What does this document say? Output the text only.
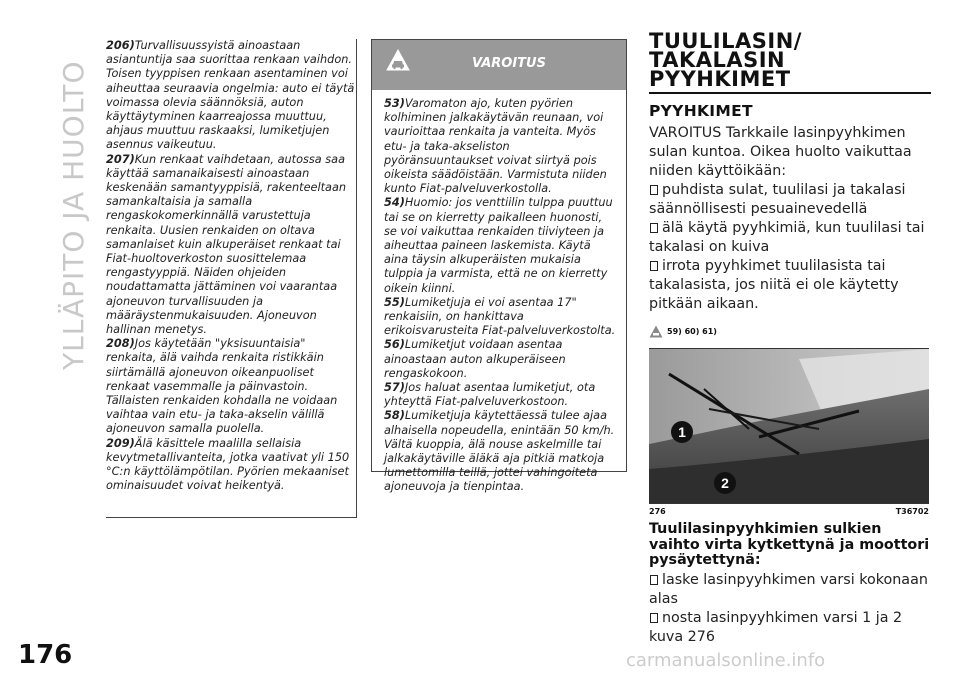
YLLÄPITO JA HUOLTO
176

206)Turvallisuussyistä ainoastaan asiantuntija saa suorittaa renkaan vaihdon. Toisen tyyppisen renkaan asentaminen voi aiheuttaa seuraavia ongelmia: auto ei täytä voimassa olevia säännöksiä, auton käyttäytyminen kaarreajossa muuttuu, ahjaus muuttuu raskaaksi, lumiketjujen asennus vaikeutuu.

207)Kun renkaat vaihdetaan, autossa saa käyttää samanaikaisesti ainoastaan keskenään samantyyppisiä, rakenteeltaan samankaltaisia ja samalla rengaskokomerkinnällä varustettuja renkaita. Uusien renkaiden on oltava samanlaiset kuin alkuperäiset renkaat tai Fiat-huoltoverkoston suosittelemaa rengastyyppiä. Näiden ohjeiden noudattamatta jättäminen voi vaarantaa ajoneuvon turvallisuuden ja määräystenmukaisuuden. Ajoneuvon hallinan menetys.

208)Jos käytetään "yksisuuntaisia" renkaita, älä vaihda renkaita ristikkäin siirtämällä ajoneuvon oikeanpuoliset renkaat vasemmalle ja päinvastoin. Tällaisten renkaiden kohdalla ne voidaan vaihtaa vain etu- ja taka-akselin välillä ajoneuvon samalla puolella.

209)Älä käsittele maalilla sellaisia kevytmetallivanteita, jotka vaativat yli 150 °C:n käyttölämpötilan. Pyörien mekaaniset ominaisuudet voivat heikentyä.

VAROITUS

53)Varomaton ajo, kuten pyörien kolhiminen jalkakäytävän reunaan, voi vaurioittaa renkaita ja vanteita. Myös etu- ja taka-akseliston pyöränsuuntaukset voivat siirtyä pois oikeista säädöistään. Varmistuta niiden kunto Fiat-palveluverkostolla.

54)Huomio: jos venttiilin tulppa puuttuu tai se on kierretty paikalleen huonosti, se voi vaikuttaa renkaiden tiiviyteen ja aiheuttaa paineen laskemista. Käytä aina täysin alkuperäisten mukaisia tulppia ja varmista, että ne on kierretty oikein kiinni.

55)Lumiketjuja ei voi asentaa 17" renkaisiin, on hankittava erikoisvarusteita Fiat-palveluverkostolta.

56)Lumiketjut voidaan asentaa ainoastaan auton alkuperäiseen rengaskokoon.

57)Jos haluat asentaa lumiketjut, ota yhteyttä Fiat-palveluverkostoon.

58)Lumiketjuja käytettäessä tulee ajaa alhaisella nopeudella, enintään 50 km/h. Vältä kuoppia, älä nouse askelmille tai jalkakäytäville äläkä aja pitkiä matkoja lumettomilla teillä, jottei vahingoiteta ajoneuvoja ja tienpintaa.

TUULILASIN/
TAKALASIN
PYYHKIMET
PYYHKIMET

VAROITUS Tarkkaile lasinpyyhkimen sulan kuntoa. Oikea huolto vaikuttaa niiden käyttöikään:

puhdista sulat, tuulilasi ja takalasi säännöllisesti pesuainevedellä

älä käytä pyyhkimiä, kun tuulilasi tai takalasi on kuiva

irrota pyyhkimet tuulilasista tai takalasista, jos niitä ei ole käytetty pitkään aikaan.

59) 60) 61)
1
2
276	T36702
Tuulilasinpyyhkimien sulkien vaihto virta kytkettynä ja moottori pysäytettynä:

laske lasinpyyhkimen varsi kokonaan alas

nosta lasinpyyhkimen varsi 1 ja 2 kuva 276

carmanualsonline.info
